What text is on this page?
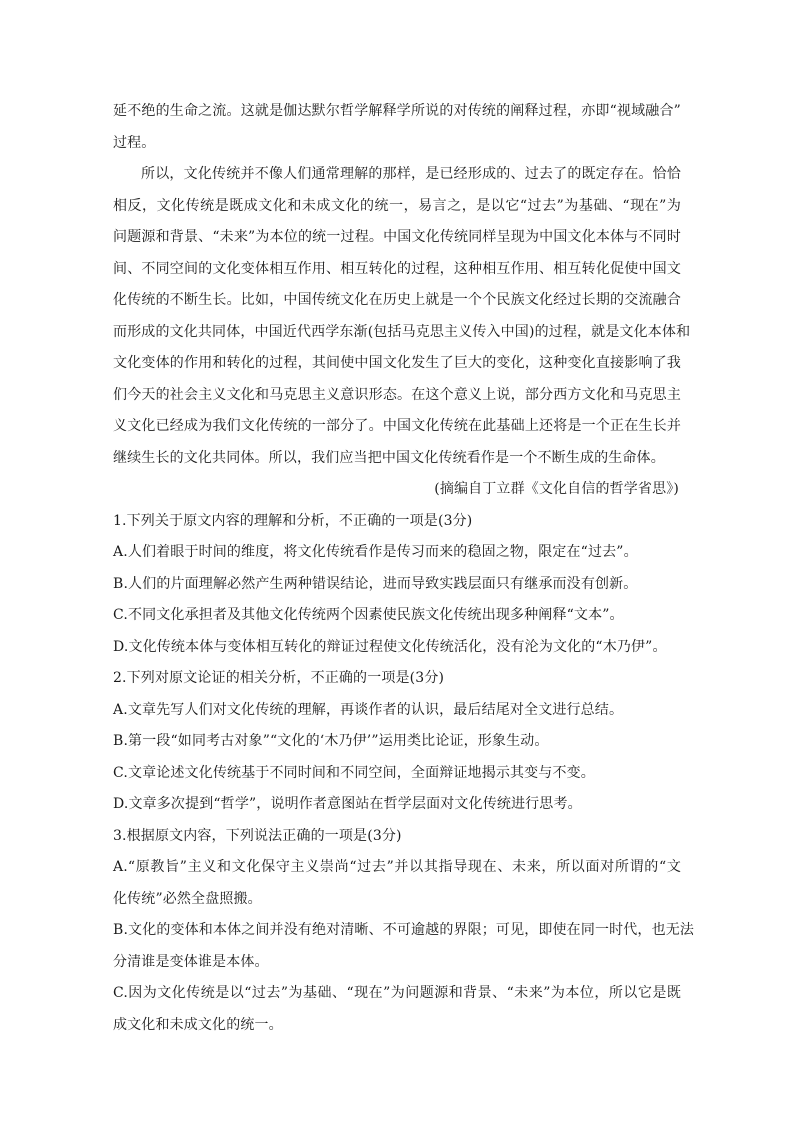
延不绝的生命之流。这就是伽达默尔哲学解释学所说的对传统的阐释过程，亦即“视域融合”
过程。
所以，文化传统并不像人们通常理解的那样，是已经形成的、过去了的既定存在。恰恰
相反，文化传统是既成文化和未成文化的统一，易言之，是以它“过去”为基础、“现在”为
问题源和背景、“未来”为本位的统一过程。中国文化传统同样呈现为中国文化本体与不同时
间、不同空间的文化变体相互作用、相互转化的过程，这种相互作用、相互转化促使中国文
化传统的不断生长。比如，中国传统文化在历史上就是一个个民族文化经过长期的交流融合
而形成的文化共同体，中国近代西学东渐(包括马克思主义传入中国)的过程，就是文化本体和
文化变体的作用和转化的过程，其间使中国文化发生了巨大的变化，这种变化直接影响了我
们今天的社会主义文化和马克思主义意识形态。在这个意义上说，部分西方文化和马克思主
义文化已经成为我们文化传统的一部分了。中国文化传统在此基础上还将是一个正在生长并
继续生长的文化共同体。所以，我们应当把中国文化传统看作是一个不断生成的生命体。
(摘编自丁立群《文化自信的哲学省思》)
1.下列关于原文内容的理解和分析，不正确的一项是(3分)
A.人们着眼于时间的维度，将文化传统看作是传习而来的稳固之物，限定在“过去”。
B.人们的片面理解必然产生两种错误结论，进而导致实践层面只有继承而没有创新。
C.不同文化承担者及其他文化传统两个因素使民族文化传统出现多种阐释“文本”。
D.文化传统本体与变体相互转化的辩证过程使文化传统活化，没有沦为文化的“木乃伊”。
2.下列对原文论证的相关分析，不正确的一项是(3分)
A.文章先写人们对文化传统的理解，再谈作者的认识，最后结尾对全文进行总结。
B.第一段“如同考古对象”“文化的‘木乃伊’”运用类比论证，形象生动。
C.文章论述文化传统基于不同时间和不同空间，全面辩证地揭示其变与不变。
D.文章多次提到“哲学”，说明作者意图站在哲学层面对文化传统进行思考。
3.根据原文内容，下列说法正确的一项是(3分)
A.“原教旨”主义和文化保守主义崇尚“过去”并以其指导现在、未来，所以面对所谓的“文
化传统”必然全盘照搬。
B.文化的变体和本体之间并没有绝对清晰、不可逾越的界限；可见，即使在同一时代，也无法
分清谁是变体谁是本体。
C.因为文化传统是以“过去”为基础、“现在”为问题源和背景、“未来”为本位，所以它是既
成文化和未成文化的统一。
